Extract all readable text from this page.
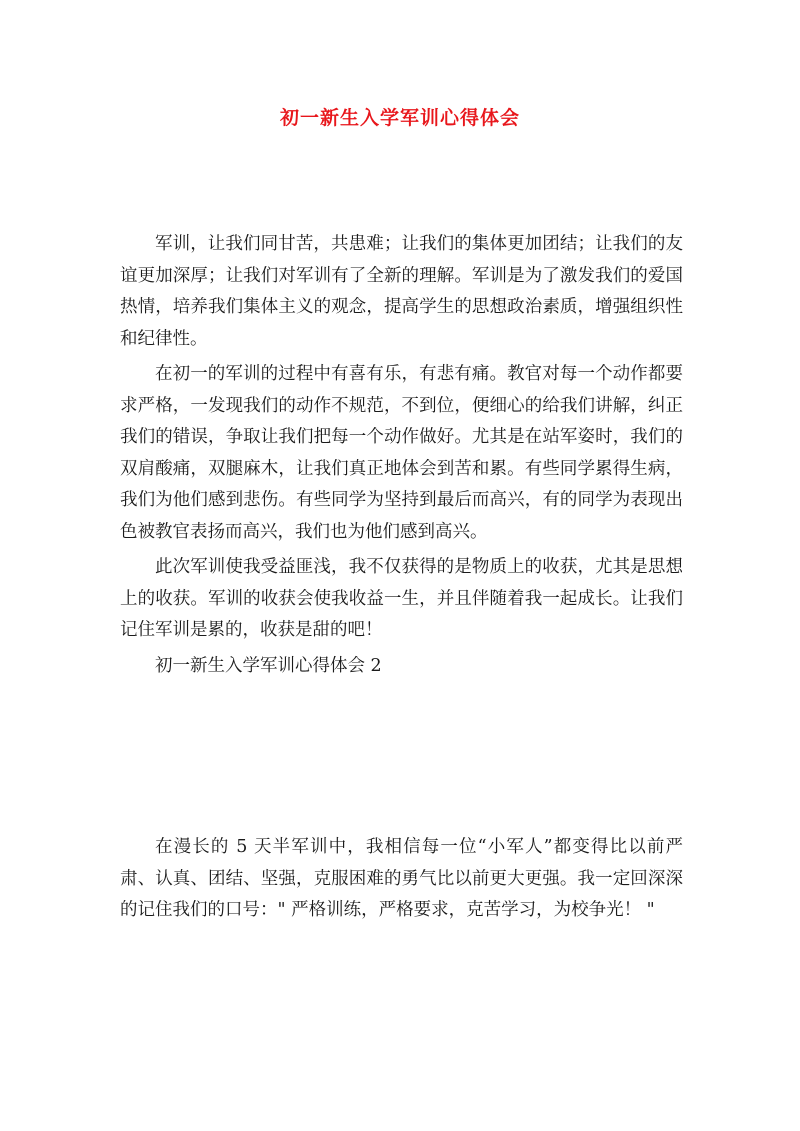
初一新生入学军训心得体会

军训，让我们同甘苦，共患难；让我们的集体更加团结；让我们的友谊更加深厚；让我们对军训有了全新的理解。军训是为了激发我们的爱国热情，培养我们集体主义的观念，提高学生的思想政治素质，增强组织性和纪律性。

在初一的军训的过程中有喜有乐，有悲有痛。教官对每一个动作都要求严格，一发现我们的动作不规范，不到位，便细心的给我们讲解，纠正我们的错误，争取让我们把每一个动作做好。尤其是在站军姿时，我们的双肩酸痛，双腿麻木，让我们真正地体会到苦和累。有些同学累得生病，我们为他们感到悲伤。有些同学为坚持到最后而高兴，有的同学为表现出色被教官表扬而高兴，我们也为他们感到高兴。

此次军训使我受益匪浅，我不仅获得的是物质上的收获，尤其是思想上的收获。军训的收获会使我收益一生，并且伴随着我一起成长。让我们记住军训是累的，收获是甜的吧！

初一新生入学军训心得体会 2

在漫长的 5 天半军训中，我相信每一位“小军人”都变得比以前严肃、认真、团结、坚强，克服困难的勇气比以前更大更强。我一定回深深的记住我们的口号：" 严格训练，严格要求，克苦学习，为校争光！ "
